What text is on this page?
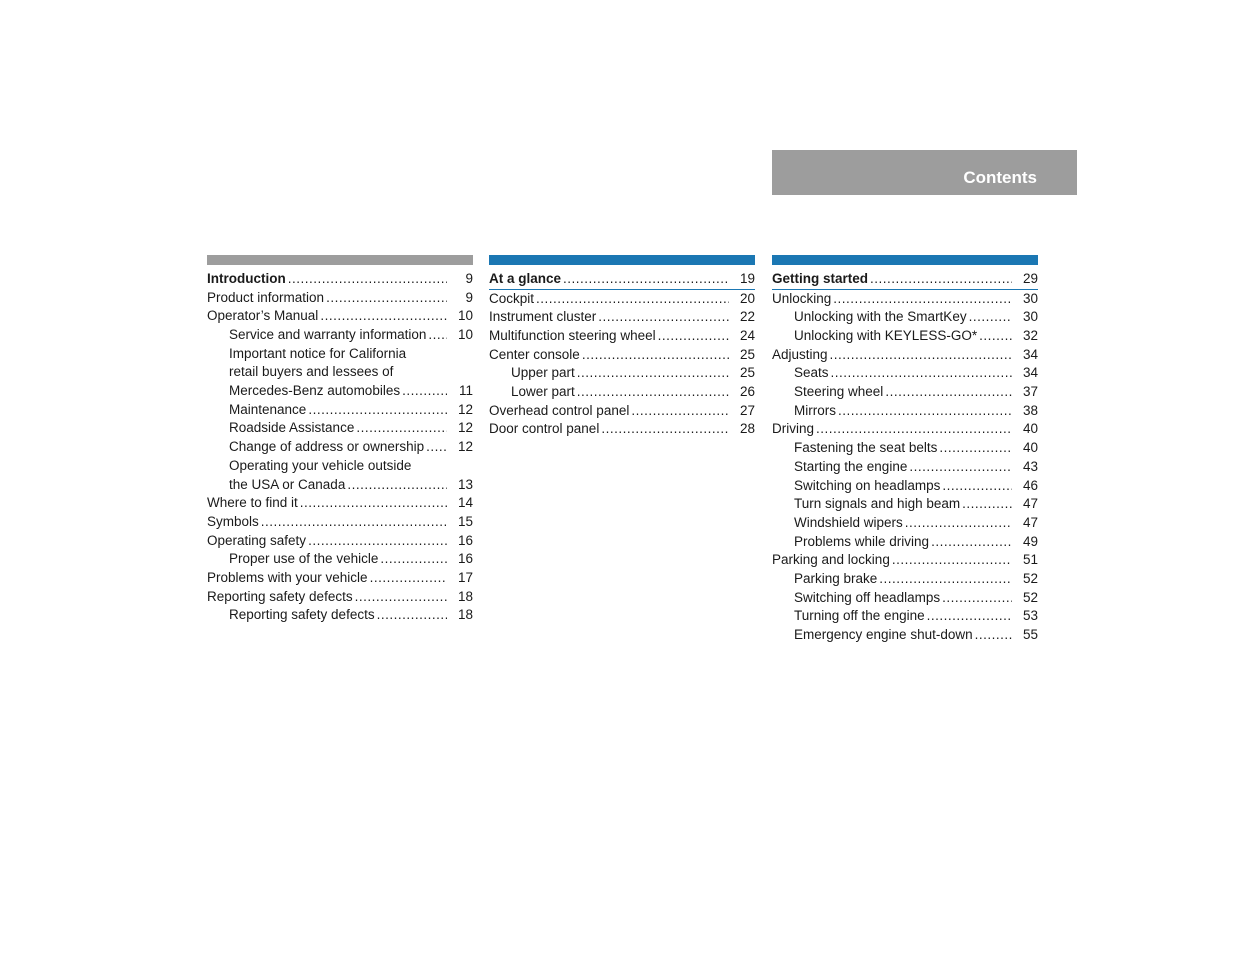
Contents
Introduction .....	9
Product information .....	9
Operator’s Manual .....	10
Service and warranty information .....	10
Important notice for California
retail buyers and lessees of
Mercedes-Benz automobiles .....	11
Maintenance .....	12
Roadside Assistance .....	12
Change of address or ownership .....	12
Operating your vehicle outside
the USA or Canada .....	13
Where to find it .....	14
Symbols .....	15
Operating safety .....	16
Proper use of the vehicle .....	16
Problems with your vehicle .....	17
Reporting safety defects .....	18
Reporting safety defects .....	18
At a glance .....	19
Cockpit .....	20
Instrument cluster .....	22
Multifunction steering wheel .....	24
Center console .....	25
Upper part .....	25
Lower part .....	26
Overhead control panel .....	27
Door control panel .....	28
Getting started .....	29
Unlocking .....	30
Unlocking with the SmartKey .....	30
Unlocking with KEYLESS-GO* .....	32
Adjusting .....	34
Seats .....	34
Steering wheel .....	37
Mirrors .....	38
Driving .....	40
Fastening the seat belts .....	40
Starting the engine .....	43
Switching on headlamps .....	46
Turn signals and high beam .....	47
Windshield wipers .....	47
Problems while driving .....	49
Parking and locking .....	51
Parking brake .....	52
Switching off headlamps .....	52
Turning off the engine .....	53
Emergency engine shut-down .....	55
